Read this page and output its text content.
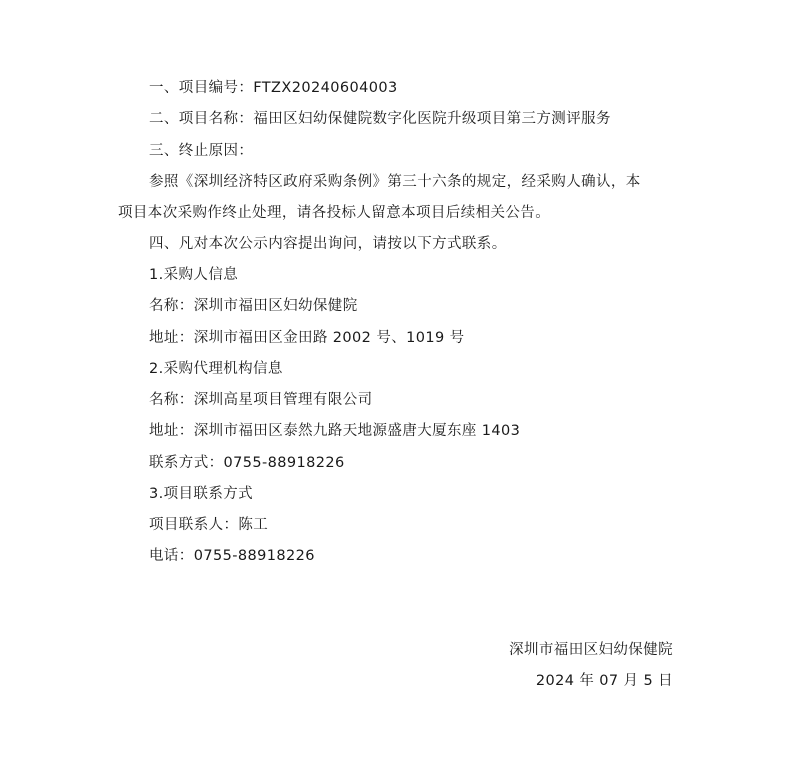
一、项目编号：FTZX20240604003
二、项目名称：福田区妇幼保健院数字化医院升级项目第三方测评服务
三、终止原因：
参照《深圳经济特区政府采购条例》第三十六条的规定，经采购人确认，本
项目本次采购作终止处理，请各投标人留意本项目后续相关公告。
四、凡对本次公示内容提出询问，请按以下方式联系。
1.采购人信息
名称：深圳市福田区妇幼保健院
地址：深圳市福田区金田路 2002 号、1019 号
2.采购代理机构信息
名称：深圳高星项目管理有限公司
地址：深圳市福田区泰然九路天地源盛唐大厦东座 1403
联系方式：0755-88918226
3.项目联系方式
项目联系人：陈工
电话：0755-88918226
深圳市福田区妇幼保健院
2024 年 07 月 5 日
